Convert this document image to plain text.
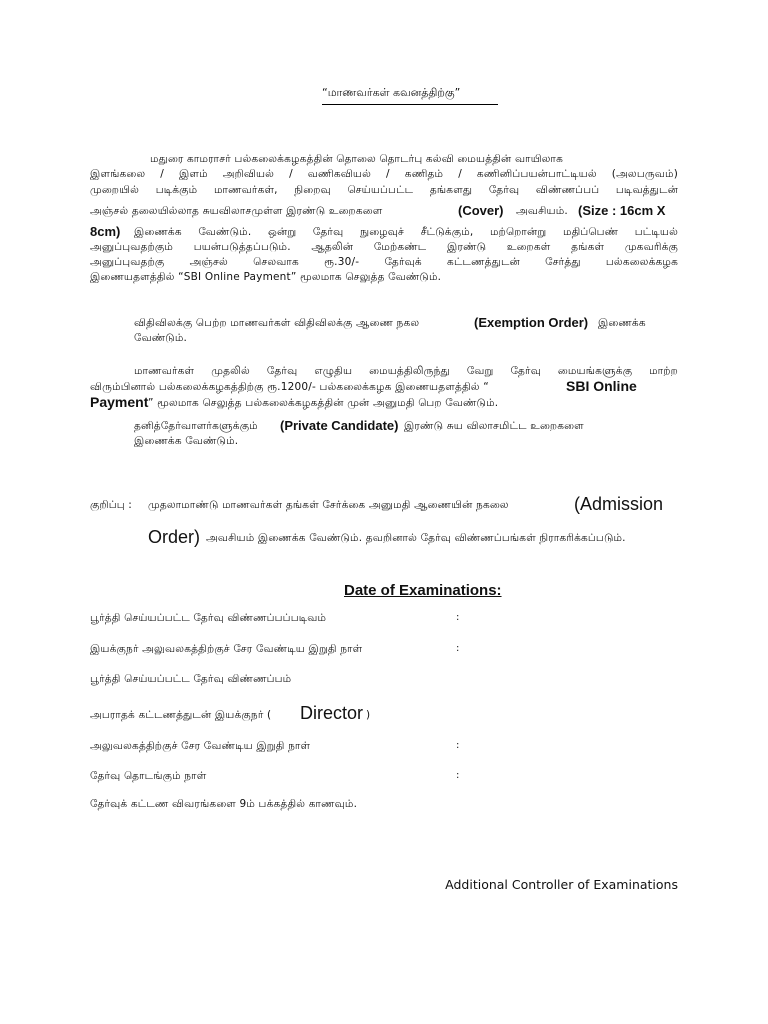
“மாணவர்கள் கவனத்திற்கு”
மதுரை காமராசர் பல்கலைக்கழகத்தின் தொலை தொடர்பு கல்வி மையத்தின் வாயிலாக
இளங்கலை / இளம் அறிவியல் / வணிகவியல் / கணிதம் / கணினிப்பயன்பாட்டியல் (அலபருவம்)
முறையில் படிக்கும் மாணவர்கள், நிறைவு செய்யப்பட்ட தங்களது தேர்வு விண்ணப்பப் படிவத்துடன்
அஞ்சல் தலையில்லாத சுயவிலாசமுள்ள இரண்டு உறைகளை	(Cover) அவசியம். (Size : 16cm X
8cm) இணைக்க வேண்டும். ஒன்று தேர்வு நுழைவுச் சீட்டுக்கும், மற்றொன்று மதிப்பெண் பட்டியல்
அனுப்புவதற்கும் பயன்படுத்தப்படும். ஆதலின் மேற்கண்ட இரண்டு உறைகள் தங்கள் முகவரிக்கு
அனுப்புவதற்கு அஞ்சல் செலவாக ரூ.30/- தேர்வுக் கட்டணத்துடன் சேர்த்து பல்கலைக்கழக
இணையதளத்தில் “SBI Online Payment” மூலமாக செலுத்த வேண்டும்.
விதிவிலக்கு பெற்ற மாணவர்கள் விதிவிலக்கு ஆணை நகல	(Exemption Order) இணைக்க
வேண்டும்.
மாணவர்கள் முதலில் தேர்வு எழுதிய மையத்திலிருந்து வேறு தேர்வு மையங்களுக்கு மாற்ற
விரும்பினால் பல்கலைக்கழகத்திற்கு ரூ.1200/- பல்கலைக்கழக இணையதளத்தில் “	SBI Online
Payment ” மூலமாக செலுத்த பல்கலைக்கழகத்தின் முன் அனுமதி பெற வேண்டும்.
தனித்தேர்வாளர்களுக்கும் (Private Candidate) இரண்டு சுய விலாசமிட்ட உறைகளை
இணைக்க வேண்டும்.
குறிப்பு : முதலாமாண்டு மாணவர்கள் தங்கள் சேர்க்கை அனுமதி ஆணையின் நகலை	(Admission
Order) அவசியம் இணைக்க வேண்டும். தவறினால் தேர்வு விண்ணப்பங்கள் நிராகரிக்கப்படும்.
Date of Examinations:
பூர்த்தி செய்யப்பட்ட தேர்வு விண்ணப்பப்படிவம்	:
இயக்குநர் அலுவலகத்திற்குச் சேர வேண்டிய இறுதி நாள்	:
பூர்த்தி செய்யப்பட்ட தேர்வு விண்ணப்பம்
அபராதக் கட்டணத்துடன் இயக்குநர் ( Director )
அலுவலகத்திற்குச் சேர வேண்டிய இறுதி நாள்	:
தேர்வு தொடங்கும் நாள்	:
தேர்வுக் கட்டண விவரங்களை 9ம் பக்கத்தில் காணவும்.
Additional Controller of Examinations
